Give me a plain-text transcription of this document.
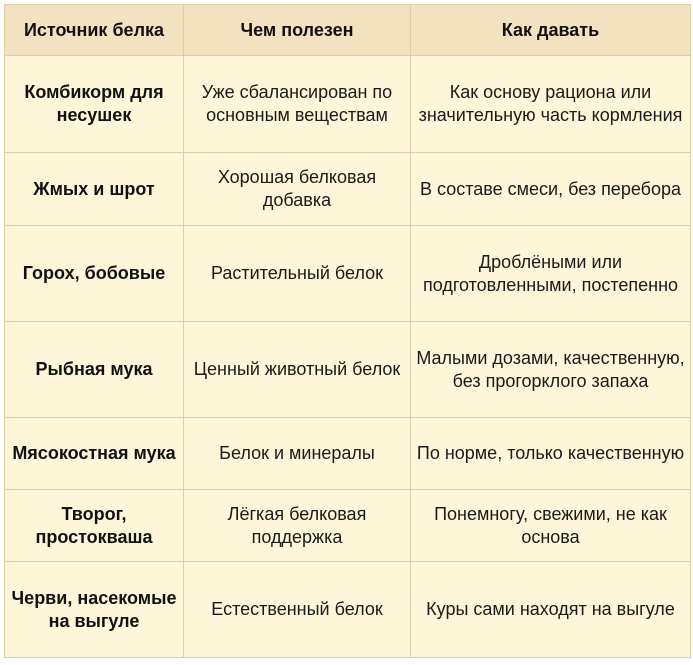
Источник белка	Чем полезен	Как давать
Комбикорм для несушек	Уже сбалансирован по основным веществам	Как основу рациона или значительную часть кормления
Жмых и шрот	Хорошая белковая добавка	В составе смеси, без перебора
Горох, бобовые	Растительный белок	Дроблёными или подготовленными, постепенно
Рыбная мука	Ценный животный белок	Малыми дозами, качественную, без прогорклого запаха
Мясокостная мука	Белок и минералы	По норме, только качественную
Творог, простокваша	Лёгкая белковая поддержка	Понемногу, свежими, не как основа
Черви, насекомые на выгуле	Естественный белок	Куры сами находят на выгуле
